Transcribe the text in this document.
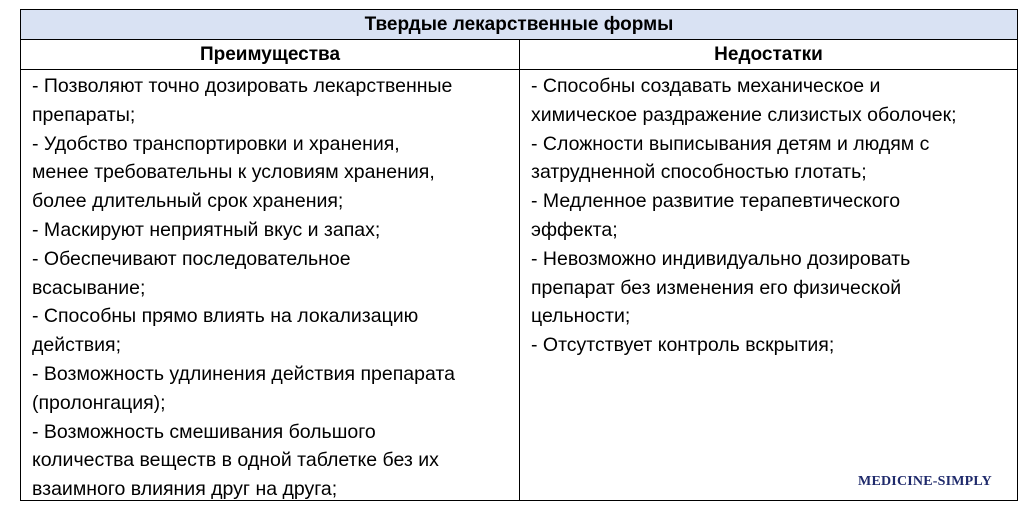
Твердые лекарственные формы
Преимущества	Недостатки
- Позволяют точно дозировать лекарственные
препараты;
- Удобство транспортировки и хранения,
менее требовательны к условиям хранения,
более длительный срок хранения;
- Маскируют неприятный вкус и запах;
- Обеспечивают последовательное
всасывание;
- Способны прямо влиять на локализацию
действия;
- Возможность удлинения действия препарата
(пролонгация);
- Возможность смешивания большого
количества веществ в одной таблетке без их
взаимного влияния друг на друга;
- Способны создавать механическое и
химическое раздражение слизистых оболочек;
- Сложности выписывания детям и людям с
затрудненной способностью глотать;
- Медленное развитие терапевтического
эффекта;
- Невозможно индивидуально дозировать
препарат без изменения его физической
цельности;
- Отсутствует контроль вскрытия;
MEDICINE-SIMPLY
